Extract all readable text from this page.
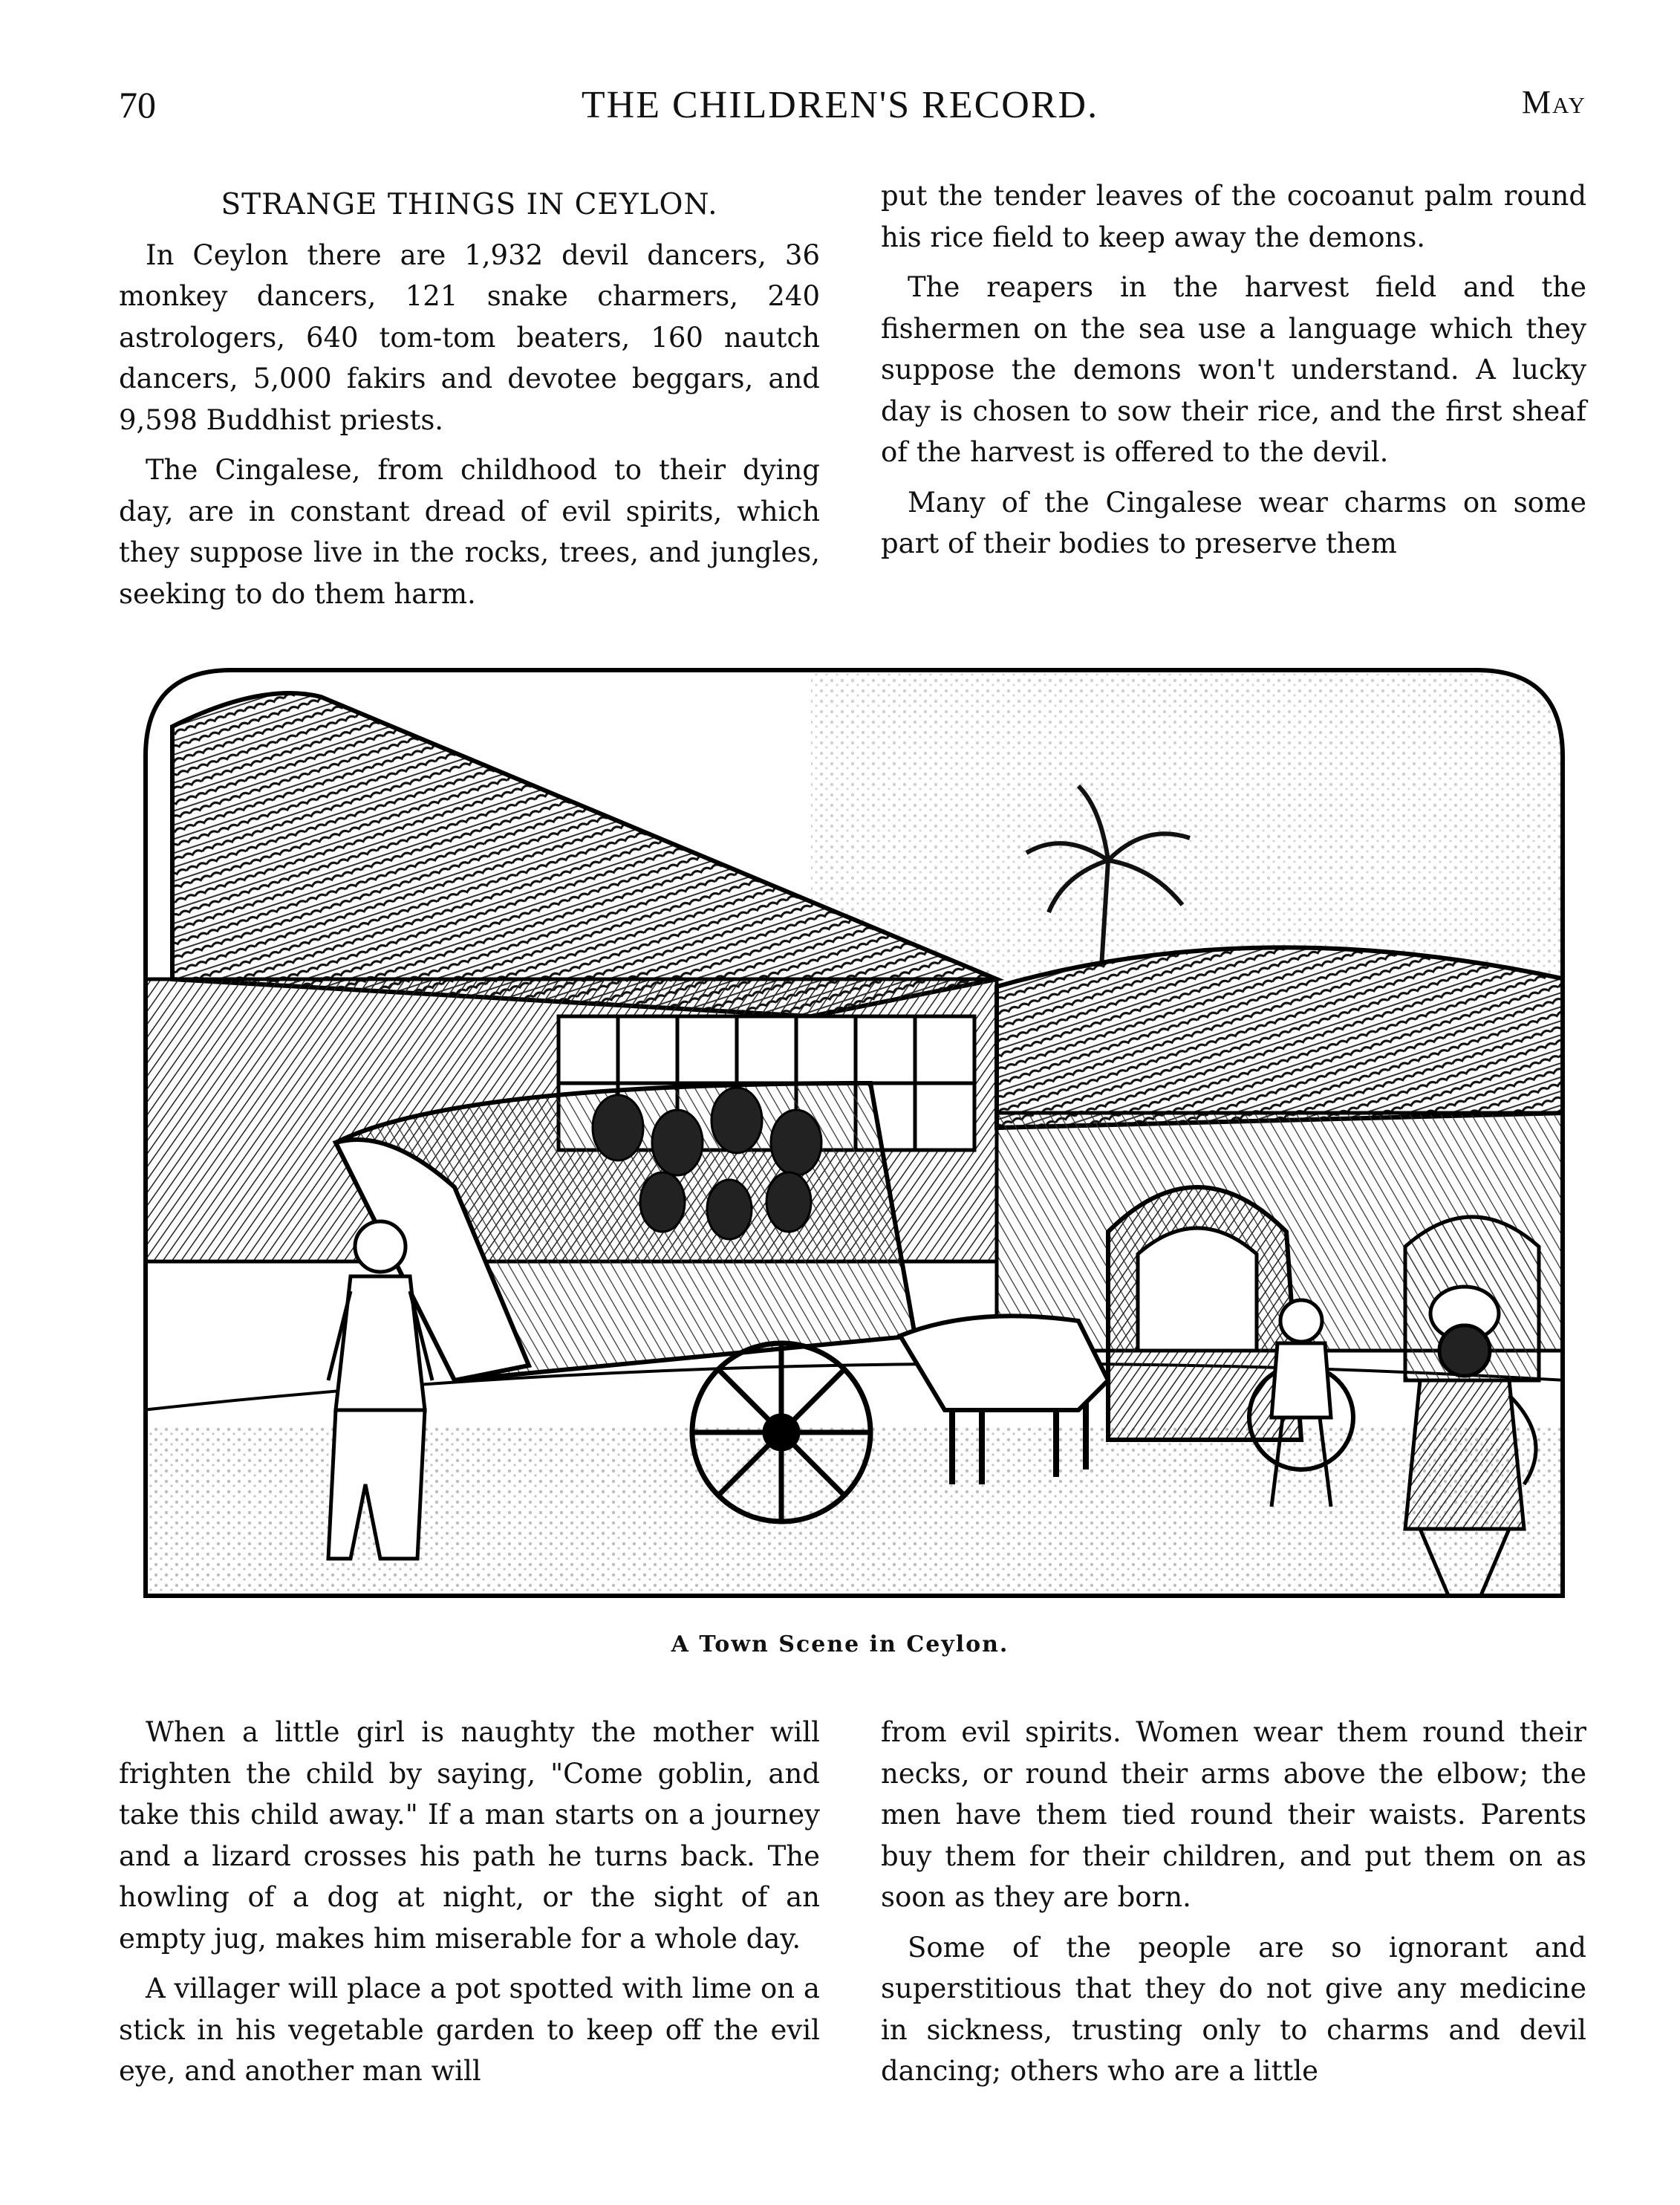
70	THE CHILDREN'S RECORD.	May
STRANGE THINGS IN CEYLON.

In Ceylon there are 1,932 devil dancers, 36 monkey dancers, 121 snake charmers, 240 astrologers, 640 tom-tom beaters, 160 nautch dancers, 5,000 fakirs and devotee beggars, and 9,598 Buddhist priests.

The Cingalese, from childhood to their dying day, are in constant dread of evil spirits, which they suppose live in the rocks, trees, and jungles, seeking to do them harm.

put the tender leaves of the cocoanut palm round his rice field to keep away the demons.

The reapers in the harvest field and the fishermen on the sea use a language which they suppose the demons won't understand. A lucky day is chosen to sow their rice, and the first sheaf of the harvest is offered to the devil.

Many of the Cingalese wear charms on some part of their bodies to preserve them

A Town Scene in Ceylon.

When a little girl is naughty the mother will frighten the child by saying, "Come goblin, and take this child away." If a man starts on a journey and a lizard crosses his path he turns back. The howling of a dog at night, or the sight of an empty jug, makes him miserable for a whole day.

A villager will place a pot spotted with lime on a stick in his vegetable garden to keep off the evil eye, and another man will

from evil spirits. Women wear them round their necks, or round their arms above the elbow; the men have them tied round their waists. Parents buy them for their children, and put them on as soon as they are born.

Some of the people are so ignorant and superstitious that they do not give any medicine in sickness, trusting only to charms and devil dancing; others who are a little
